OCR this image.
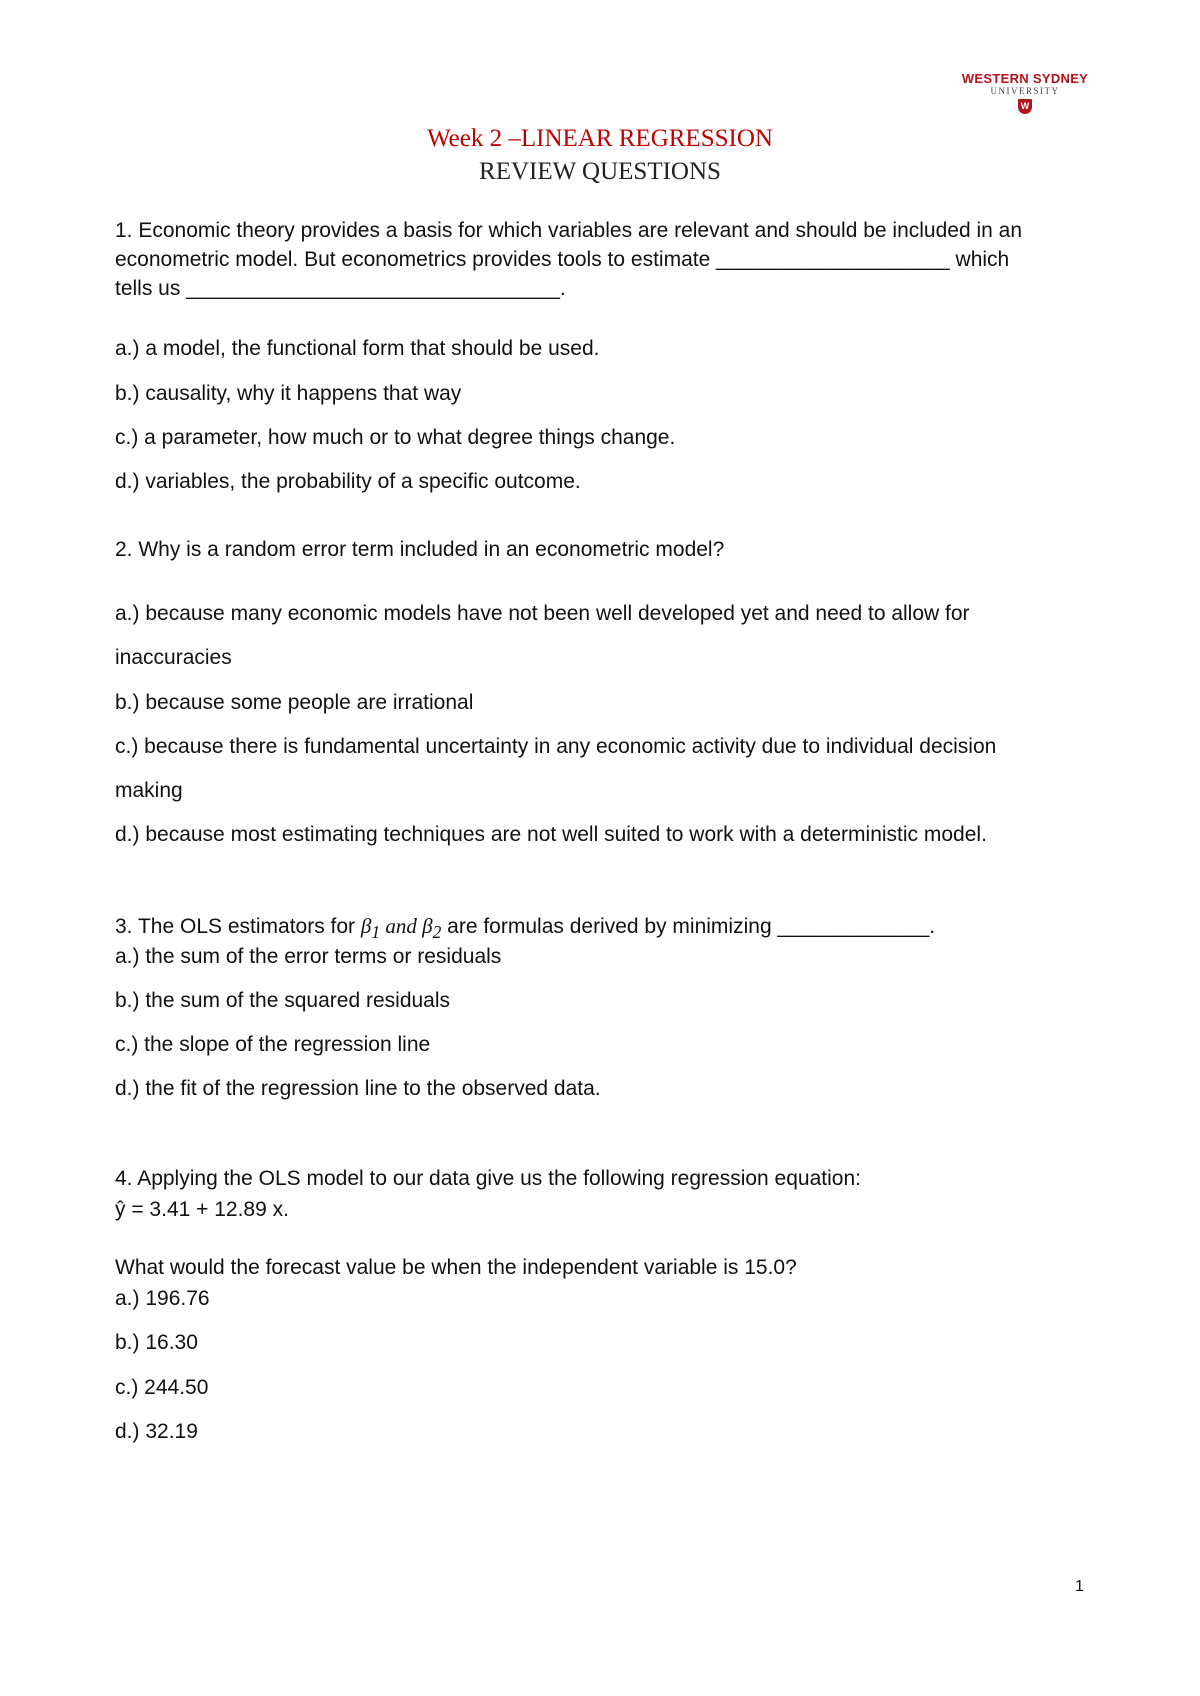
WESTERN SYDNEY
UNIVERSITY
W
Week 2 –LINEAR REGRESSION
REVIEW QUESTIONS
1. Economic theory provides a basis for which variables are relevant and should be included in an
econometric model. But econometrics provides tools to estimate ____________________ which
tells us ________________________________.
a.) a model, the functional form that should be used.
b.) causality, why it happens that way
c.) a parameter, how much or to what degree things change.
d.) variables, the probability of a specific outcome.
2. Why is a random error term included in an econometric model?
a.) because many economic models have not been well developed yet and need to allow for
inaccuracies
b.) because some people are irrational
c.) because there is fundamental uncertainty in any economic activity due to individual decision
making
d.) because most estimating techniques are not well suited to work with a deterministic model.
3. The OLS estimators for $\beta_1$ and $\beta_2$ are formulas derived by minimizing _____________.
a.) the sum of the error terms or residuals
b.) the sum of the squared residuals
c.) the slope of the regression line
d.) the fit of the regression line to the observed data.
4. Applying the OLS model to our data give us the following regression equation:
ŷ = 3.41 + 12.89 x.
What would the forecast value be when the independent variable is 15.0?
a.) 196.76
b.) 16.30
c.) 244.50
d.) 32.19
1
